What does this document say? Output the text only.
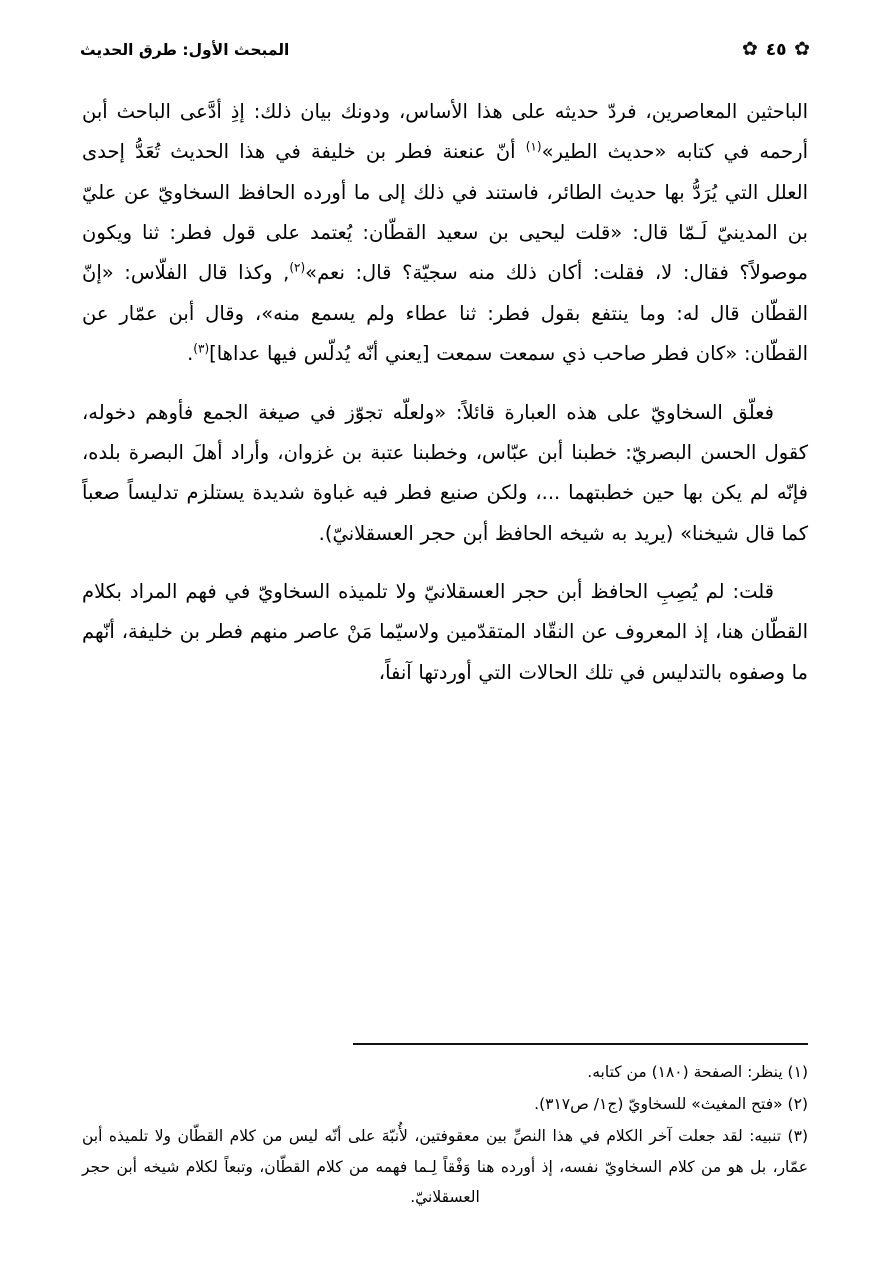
✿
٤٥
✿
المبحث الأول: طرق الحديث

الباحثين المعاصرين، فردّ حديثه على هذا الأساس، ودونك بيان ذلك: إذِ أدَّعى الباحث أبن أرحمه في كتابه «حديث الطير»$^{(١)}$ أنّ عنعنة فطر بن خليفة في هذا الحديث تُعَدُّ إحدى العلل التي يُرَدُّ بها حديث الطائر، فاستند في ذلك إلى ما أورده الحافظ السخاويّ عن عليّ بن المدينيّ لَـمّا قال: «قلت ليحيى بن سعيد القطّان: يُعتمد على قول فطر: ثنا ويكون موصولاً؟ فقال: لا، فقلت: أكان ذلك منه سجيّة؟ قال: نعم»$^{(٢)}$, وكذا قال الفلّاس: «إنّ القطّان قال له: وما ينتفع بقول فطر: ثنا عطاء ولم يسمع منه»، وقال أبن عمّار عن القطّان: «كان فطر صاحب ذي سمعت سمعت [يعني أنّه يُدلّس فيها عداها]$^{(٣)}$.

فعلّق السخاويّ على هذه العبارة قائلاً: «ولعلّه تجوّز في صيغة الجمع فأوهم دخوله، كقول الحسن البصريّ: خطبنا أبن عبّاس، وخطبنا عتبة بن غزوان، وأراد أهلَ البصرة بلده، فإنّه لم يكن بها حين خطبتهما ...، ولكن صنيع فطر فيه غباوة شديدة يستلزم تدليساً صعباً كما قال شيخنا» (يريد به شيخه الحافظ أبن حجر العسقلانيّ).

قلت: لم يُصِبِ الحافظ أبن حجر العسقلانيّ ولا تلميذه السخاويّ في فهم المراد بكلام القطّان هنا، إذ المعروف عن النقّاد المتقدّمين ولاسيّما مَنْ عاصر منهم فطر بن خليفة، أنّهم ما وصفوه بالتدليس في تلك الحالات التي أوردتها آنفاً،

(١) ينظر: الصفحة (١٨٠) من كتابه.
(٢) «فتح المغيث» للسخاويّ (ج١/ ص٣١٧).
(٣) تنبيه: لقد جعلت آخر الكلام في هذا النصِّ بين معقوفتين، لأُنبّهَ على أنّه ليس من كلام القطّان ولا تلميذه أبن عمّار، بل هو من كلام السخاويّ نفسه، إذ أورده هنا وَفْقاً لِـما فهمه من كلام القطّان، وتبعاً لكلام شيخه أبن حجر العسقلانيّ.
